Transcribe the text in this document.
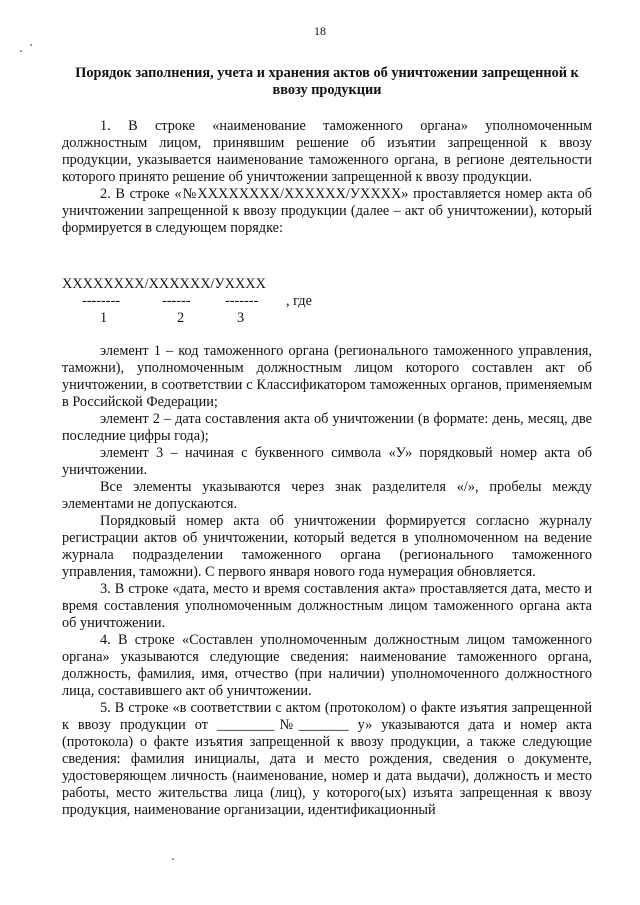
18
Порядок заполнения, учета и хранения актов об уничтожении запрещенной к ввозу продукции

1. В строке «наименование таможенного органа» уполномоченным должностным лицом, принявшим решение об изъятии запрещенной к ввозу продукции, указывается наименование таможенного органа, в регионе деятельности которого принято решение об уничтожении запрещенной к ввозу продукции.

2. В строке «№XXXXXXXX/XXXXXX/УXXXX» проставляется номер акта об уничтожении запрещенной к ввозу продукции (далее – акт об уничтожении), который формируется в следующем порядке:

XXXXXXXX/XXXXXX/УXXXX
--------	------ ------- , где
1	2	3

элемент 1 – код таможенного органа (регионального таможенного управления, таможни), уполномоченным должностным лицом которого составлен акт об уничтожении, в соответствии с Классификатором таможенных органов, применяемым в Российской Федерации;

элемент 2 – дата составления акта об уничтожении (в формате: день, месяц, две последние цифры года);

элемент 3 – начиная с буквенного символа «У» порядковый номер акта об уничтожении.

Все элементы указываются через знак разделителя «/», пробелы между элементами не допускаются.

Порядковый номер акта об уничтожении формируется согласно журналу регистрации актов об уничтожении, который ведется в уполномоченном на ведение журнала подразделении таможенного органа (регионального таможенного управления, таможни). С первого января нового года нумерация обновляется.

3. В строке «дата, место и время составления акта» проставляется дата, место и время составления уполномоченным должностным лицом таможенного органа акта об уничтожении.

4. В строке «Составлен уполномоченным должностным лицом таможенного органа» указываются следующие сведения: наименование таможенного органа, должность, фамилия, имя, отчество (при наличии) уполномоченного должностного лица, составившего акт об уничтожении.

5. В строке «в соответствии с актом (протоколом) о факте изъятия запрещенной к ввозу продукции от ________№_______ у» указываются дата и номер акта (протокола) о факте изъятия запрещенной к ввозу продукции, а также следующие сведения: фамилия инициалы, дата и место рождения, сведения о документе, удостоверяющем личность (наименование, номер и дата выдачи), должность и место работы, место жительства лица (лиц), у которого(ых) изъята запрещенная к ввозу продукция, наименование организации, идентификационный
